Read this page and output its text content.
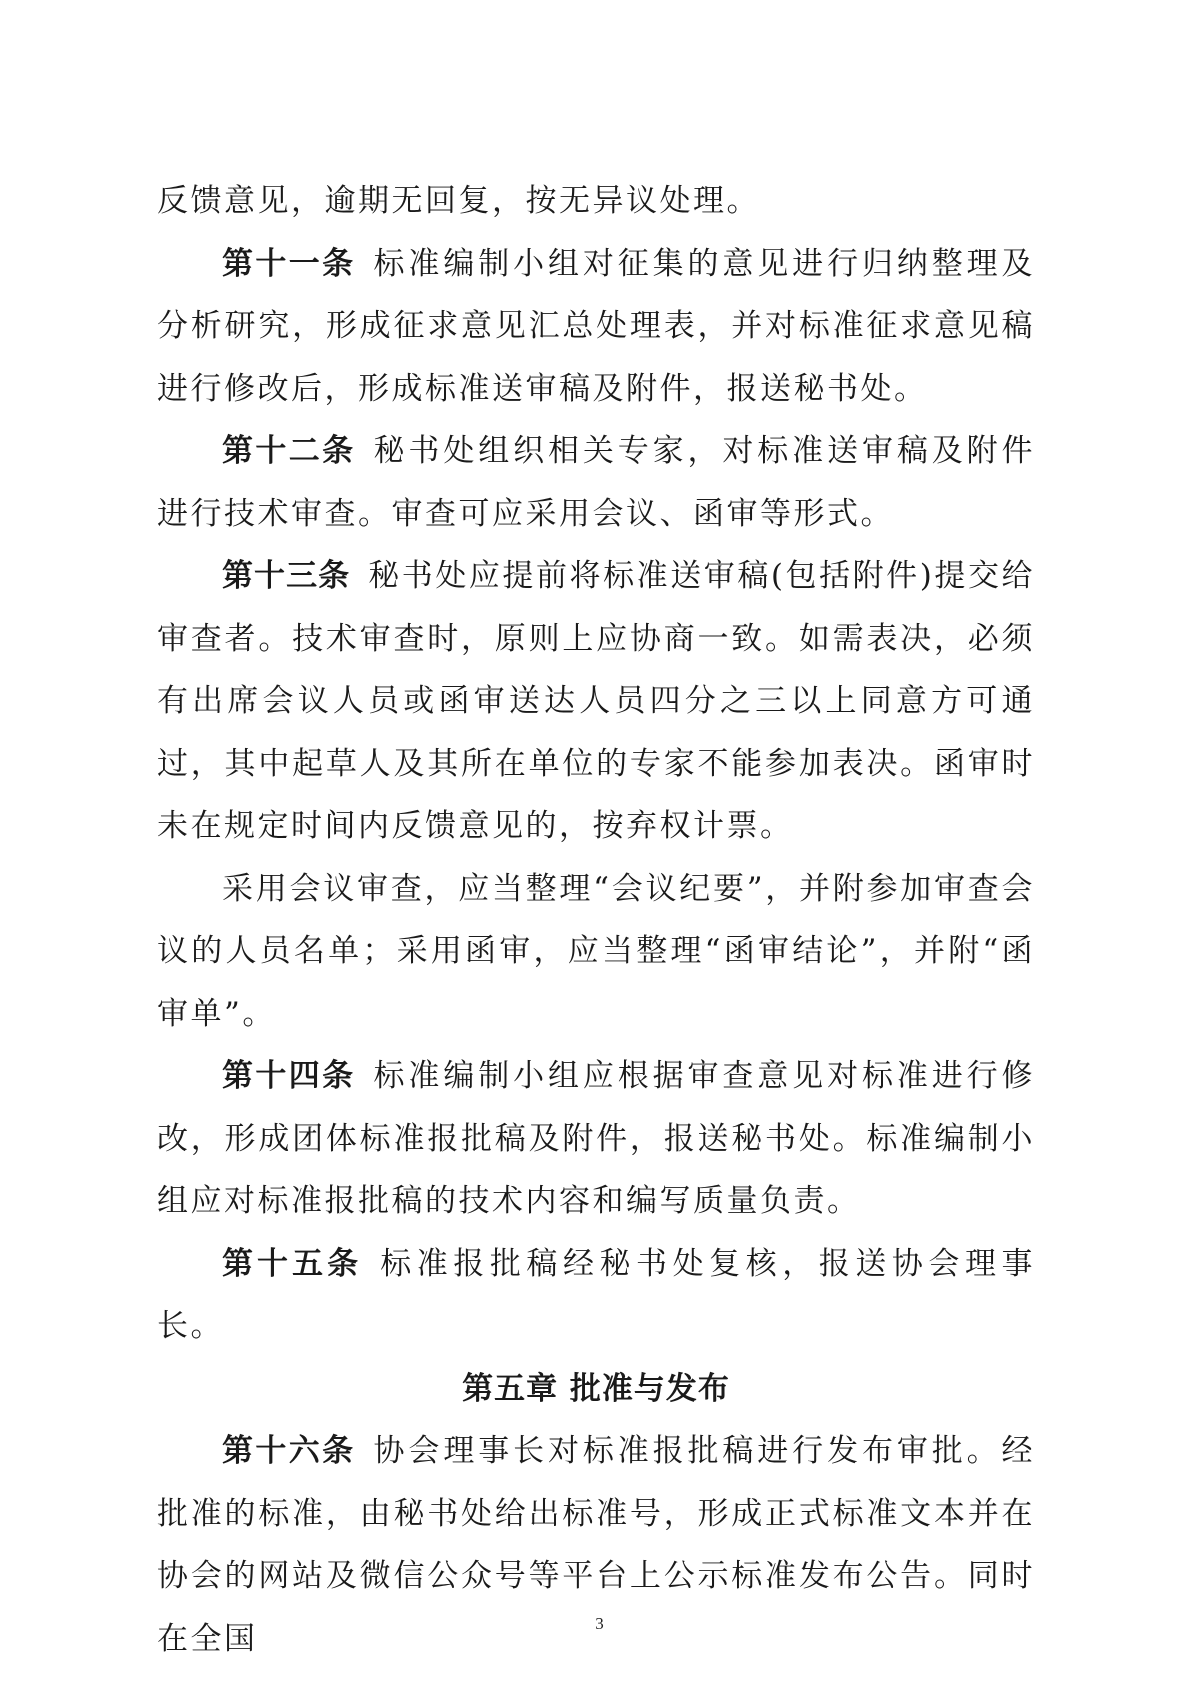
反馈意见，逾期无回复，按无异议处理。

第十一条 标准编制小组对征集的意见进行归纳整理及分析研究，形成征求意见汇总处理表，并对标准征求意见稿进行修改后，形成标准送审稿及附件，报送秘书处。

第十二条 秘书处组织相关专家，对标准送审稿及附件进行技术审查。审查可应采用会议、函审等形式。

第十三条 秘书处应提前将标准送审稿(包括附件)提交给审查者。技术审查时，原则上应协商一致。如需表决，必须有出席会议人员或函审送达人员四分之三以上同意方可通过，其中起草人及其所在单位的专家不能参加表决。函审时未在规定时间内反馈意见的，按弃权计票。

采用会议审查，应当整理“会议纪要”，并附参加审查会议的人员名单；采用函审，应当整理“函审结论”，并附“函审单”。

第十四条 标准编制小组应根据审查意见对标准进行修改，形成团体标准报批稿及附件，报送秘书处。标准编制小组应对标准报批稿的技术内容和编写质量负责。

第十五条 标准报批稿经秘书处复核，报送协会理事长。

第五章 批准与发布

第十六条 协会理事长对标准报批稿进行发布审批。经批准的标准，由秘书处给出标准号，形成正式标准文本并在协会的网站及微信公众号等平台上公示标准发布公告。同时在全国	3
